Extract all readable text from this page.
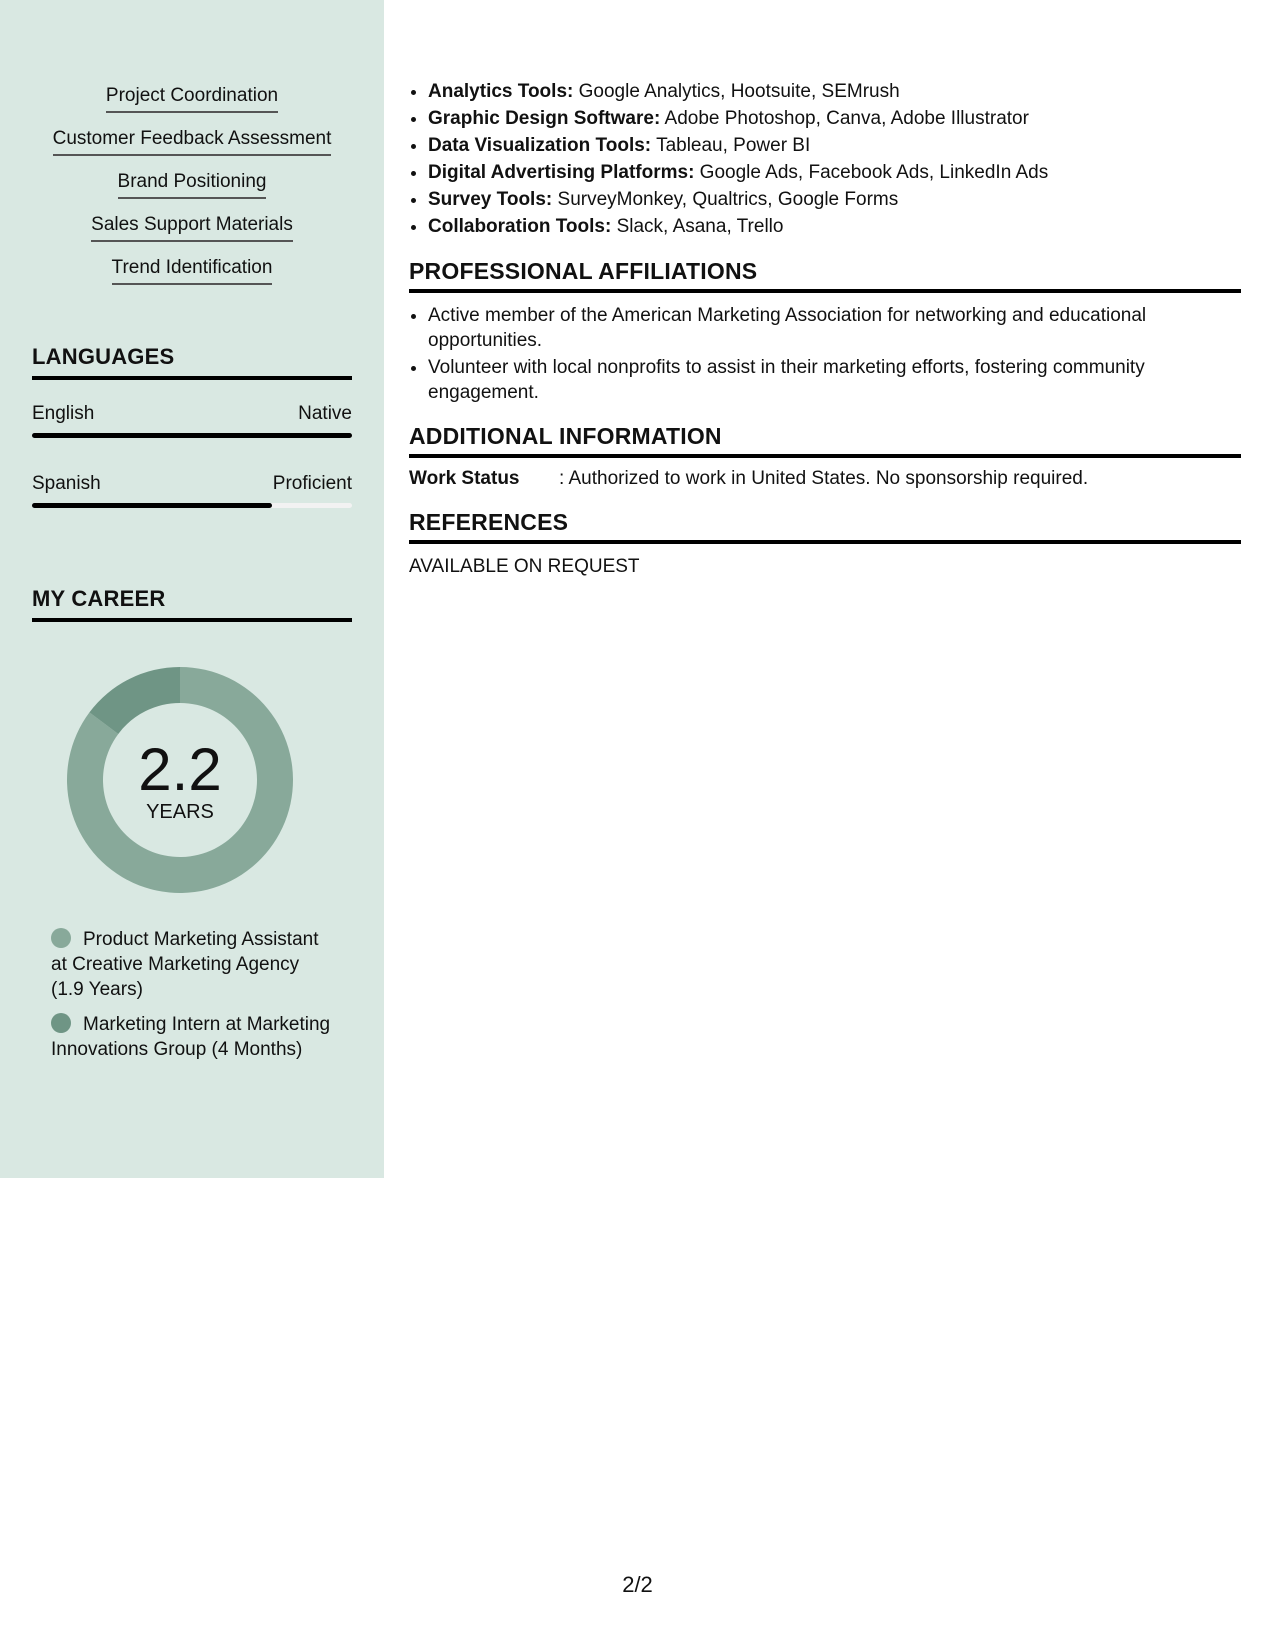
Project Coordination
Customer Feedback Assessment
Brand Positioning
Sales Support Materials
Trend Identification
LANGUAGES
English	Native
Spanish	Proficient
MY CAREER
2.2
YEARS
Product Marketing Assistant at Creative Marketing Agency (1.9 Years)
Marketing Intern at Marketing Innovations Group (4 Months)
• Analytics Tools: Google Analytics, Hootsuite, SEMrush
• Graphic Design Software: Adobe Photoshop, Canva, Adobe Illustrator
• Data Visualization Tools: Tableau, Power BI
• Digital Advertising Platforms: Google Ads, Facebook Ads, LinkedIn Ads
• Survey Tools: SurveyMonkey, Qualtrics, Google Forms
• Collaboration Tools: Slack, Asana, Trello
PROFESSIONAL AFFILIATIONS
• Active member of the American Marketing Association for networking and educational opportunities.
• Volunteer with local nonprofits to assist in their marketing efforts, fostering community engagement.
ADDITIONAL INFORMATION
Work Status : Authorized to work in United States. No sponsorship required.
REFERENCES
AVAILABLE ON REQUEST
2/2
